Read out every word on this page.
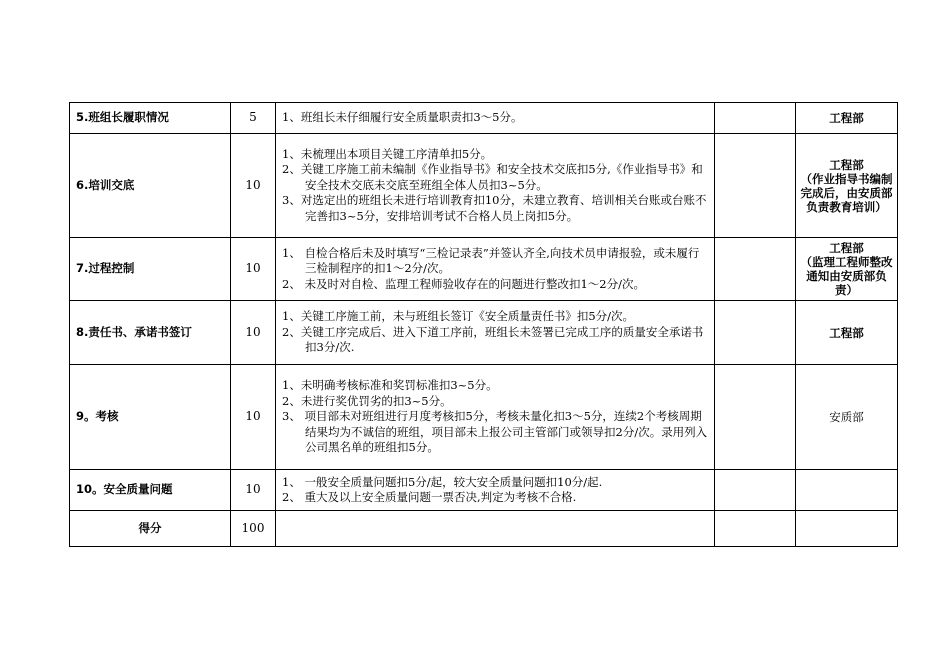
5.班组长履职情况	5	1、班组长未仔细履行安全质量职责扣3～5分。		工程部
6.培训交底	10	1、未梳理出本项目关键工序清单扣5分。
2、关键工序施工前未编制《作业指导书》和安全技术交底扣5分,《作业指导书》和安全技术交底未交底至班组全体人员扣3~5分。
3、对选定出的班组长未进行培训教育扣10分，未建立教育、培训相关台账或台账不完善扣3~5分，安排培训考试不合格人员上岗扣5分。		工程部
（作业指导书编制完成后，由安质部负责教育培训）

7.过程控制	10	1、 自检合格后未及时填写“三检记录表”并签认齐全,向技术员申请报验，或未履行三检制程序的扣1～2分/次。
2、 未及时对自检、监理工程师验收存在的问题进行整改扣1～2分/次。		工程部
（监理工程师整改通知由安质部负责）

8.责任书、承诺书签订	10	1、关键工序施工前，未与班组长签订《安全质量责任书》扣5分/次。
2、关键工序完成后、进入下道工序前，班组长未签署已完成工序的质量安全承诺书扣3分/次.		工程部
9。考核	10	1、未明确考核标准和奖罚标准扣3~5分。
2、未进行奖优罚劣的扣3~5分。
3、 项目部未对班组进行月度考核扣5分，考核未量化扣3～5分，连续2个考核周期结果均为不诚信的班组，项目部未上报公司主管部门或领导扣2分/次。录用列入公司黑名单的班组扣5分。		安质部
10。安全质量问题	10	1、 一般安全质量问题扣5分/起，较大安全质量问题扣10分/起.
2、 重大及以上安全质量问题一票否决,判定为考核不合格.		

得分	100			
